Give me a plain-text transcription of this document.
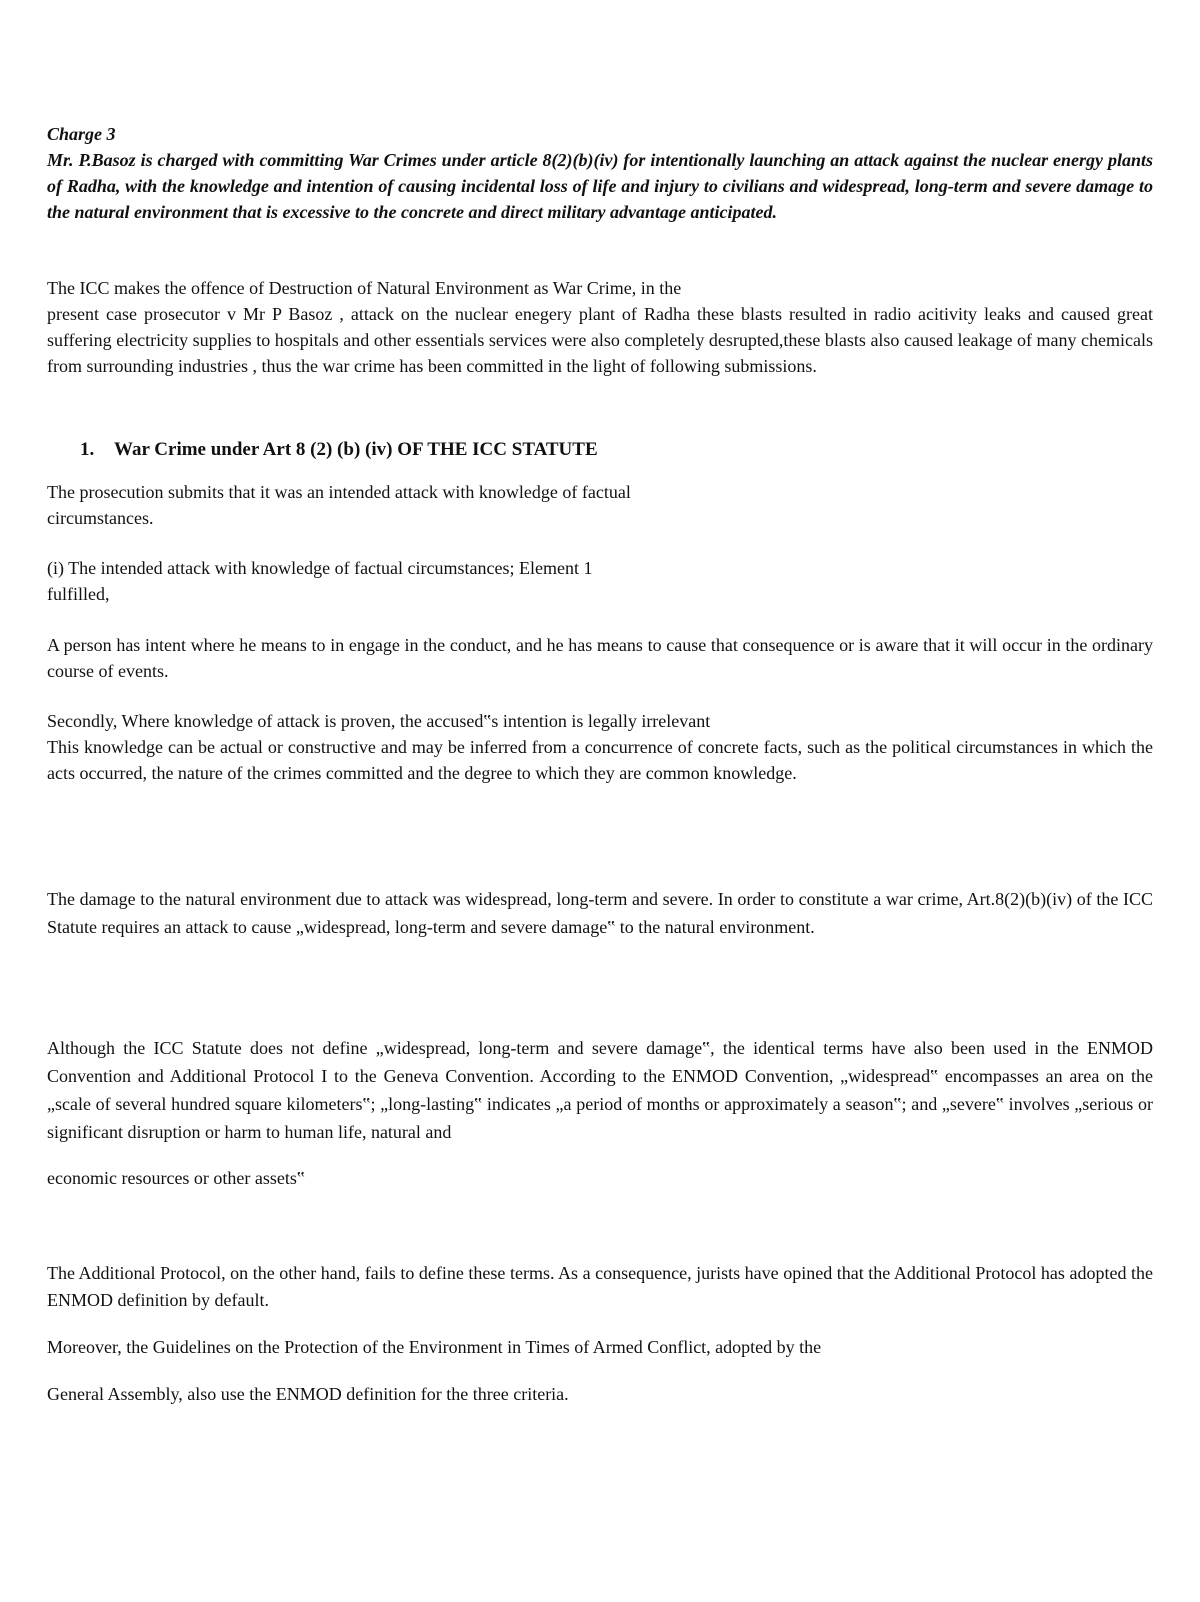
Charge 3
Mr. P.Basoz is charged with committing War Crimes under article 8(2)(b)(iv) for intentionally launching an attack against the nuclear energy plants of Radha, with the knowledge and intention of causing incidental loss of life and injury to civilians and widespread, long-term and severe damage to the natural environment that is excessive to the concrete and direct military advantage anticipated.
The ICC makes the offence of Destruction of Natural Environment as War Crime, in the
present case prosecutor v Mr P Basoz , attack on the nuclear enegery plant of Radha these blasts resulted in radio acitivity leaks and caused great suffering electricity supplies to hospitals and other essentials services were also completely desrupted,these blasts also caused leakage of many chemicals from surrounding industries , thus the war crime has been committed in the light of following submissions.
1. War Crime under Art 8 (2) (b) (iv) OF THE ICC STATUTE
The prosecution submits that it was an intended attack with knowledge of factual
circumstances.
(i) The intended attack with knowledge of factual circumstances; Element 1
fulfilled,
A person has intent where he means to in engage in the conduct, and he has means to cause that consequence or is aware that it will occur in the ordinary course of events.
Secondly, Where knowledge of attack is proven, the accused‟s intention is legally irrelevant
This knowledge can be actual or constructive and may be inferred from a concurrence of concrete facts, such as the political circumstances in which the acts occurred, the nature of the crimes committed and the degree to which they are common knowledge.
The damage to the natural environment due to attack was widespread, long-term and severe. In order to constitute a war crime, Art.8(2)(b)(iv) of the ICC Statute requires an attack to cause „widespread, long-term and severe damage‟ to the natural environment.
Although the ICC Statute does not define „widespread, long-term and severe damage‟, the identical terms have also been used in the ENMOD Convention and Additional Protocol I to the Geneva Convention. According to the ENMOD Convention, „widespread‟ encompasses an area on the „scale of several hundred square kilometers‟; „long-lasting‟ indicates „a period of months or approximately a season‟; and „severe‟ involves „serious or significant disruption or harm to human life, natural and
economic resources or other assets‟
The Additional Protocol, on the other hand, fails to define these terms. As a consequence, jurists have opined that the Additional Protocol has adopted the ENMOD definition by default.
Moreover, the Guidelines on the Protection of the Environment in Times of Armed Conflict, adopted by the
General Assembly, also use the ENMOD definition for the three criteria.
